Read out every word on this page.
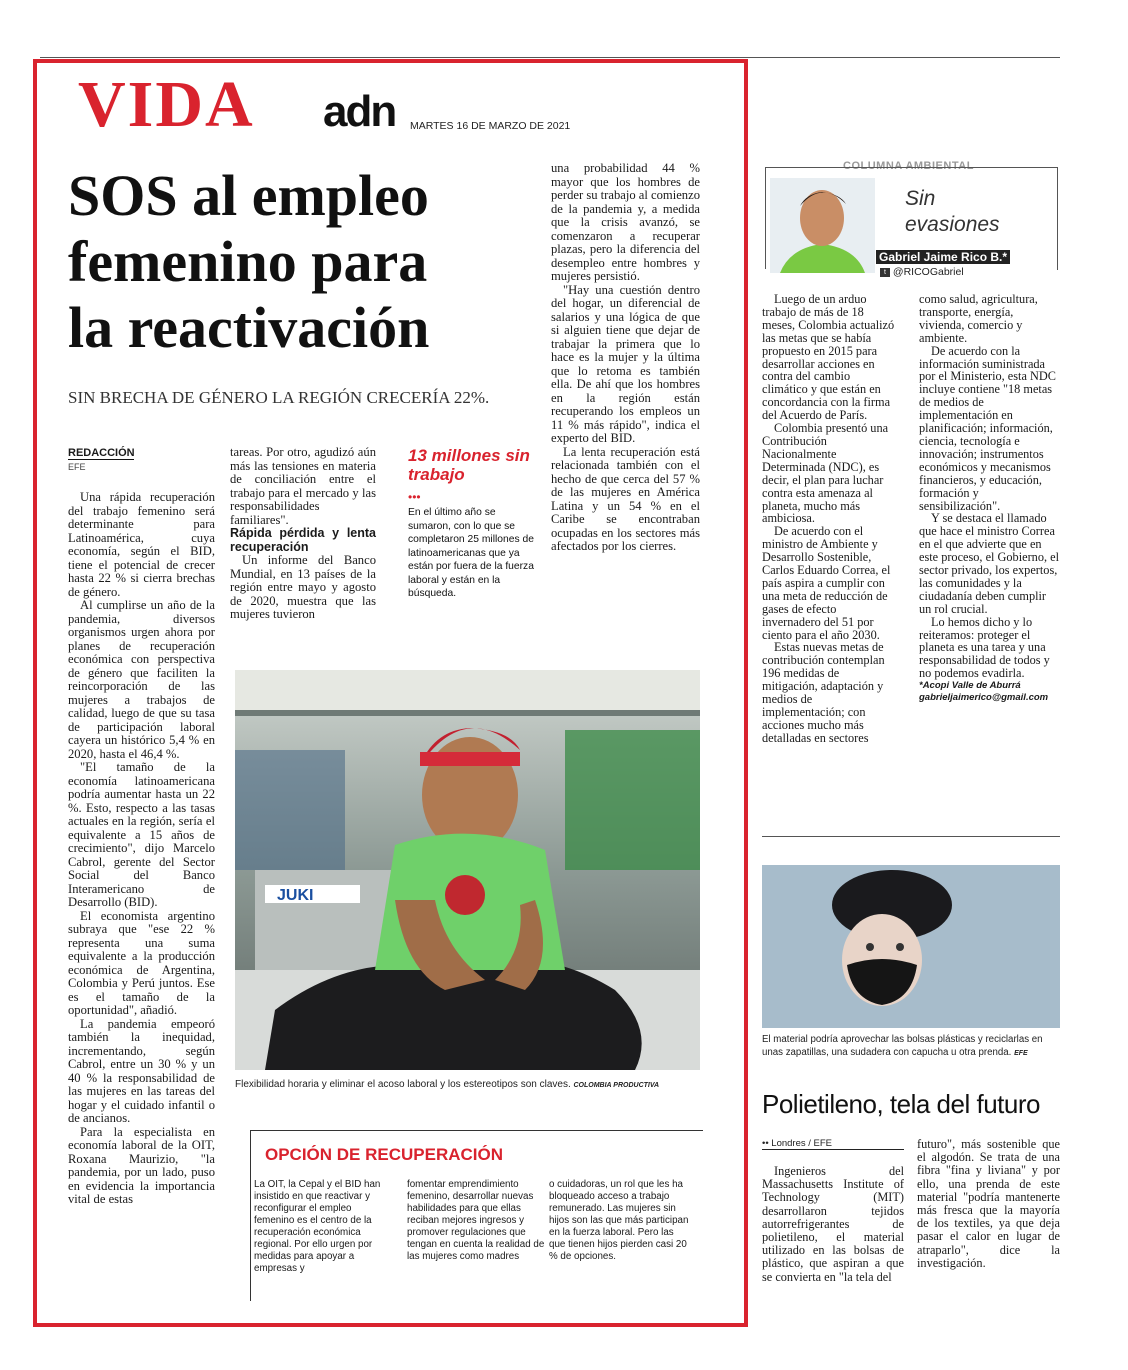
VIDA adn MARTES 16 DE MARZO DE 2021
SOS al empleo
femenino para
la reactivación
SIN BRECHA DE GÉNERO LA REGIÓN CRECERÍA 22%.
REDACCIÓN
EFE

Una rápida recuperación del trabajo femenino será determinante para Latinoamérica, cuya economía, según el BID, tiene el potencial de crecer hasta 22 % si cierra brechas de género.

Al cumplirse un año de la pandemia, diversos organismos urgen ahora por planes de recuperación económica con perspectiva de género que faciliten la reincorporación de las mujeres a trabajos de calidad, luego de que su tasa de participación laboral cayera un histórico 5,4 % en 2020, hasta el 46,4 %.

"El tamaño de la economía latinoamericana podría aumentar hasta un 22 %. Esto, respecto a las tasas actuales en la región, sería el equivalente a 15 años de crecimiento", dijo Marcelo Cabrol, gerente del Sector Social del Banco Interamericano de Desarrollo (BID).

El economista argentino subraya que "ese 22 % representa una suma equivalente a la producción económica de Argentina, Colombia y Perú juntos. Ese es el tamaño de la oportunidad", añadió.

La pandemia empeoró también la inequidad, incrementando, según Cabrol, entre un 30 % y un 40 % la responsabilidad de las mujeres en las tareas del hogar y el cuidado infantil o de ancianos.

Para la especialista en economía laboral de la OIT, Roxana Maurizio, "la pandemia, por un lado, puso en evidencia la importancia vital de estas

tareas. Por otro, agudizó aún más las tensiones en materia de conciliación entre el trabajo para el mercado y las responsabilidades familiares".

Rápida pérdida y lenta recuperación

Un informe del Banco Mundial, en 13 países de la región entre mayo y agosto de 2020, muestra que las mujeres tuvieron

13 millones sin trabajo
•••
En el último año se sumaron, con lo que se completaron 25 millones de latinoamericanas que ya están por fuera de la fuerza laboral y están en la búsqueda.

una probabilidad 44 % mayor que los hombres de perder su trabajo al comienzo de la pandemia y, a medida que la crisis avanzó, se comenzaron a recuperar plazas, pero la diferencia del desempleo entre hombres y mujeres persistió.

"Hay una cuestión dentro del hogar, un diferencial de salarios y una lógica de que si alguien tiene que dejar de trabajar la primera que lo hace es la mujer y la última que lo retoma es también ella. De ahí que los hombres en la región están recuperando los empleos un 11 % más rápido", indica el experto del BID.

La lenta recuperación está relacionada también con el hecho de que cerca del 57 % de las mujeres en América Latina y un 54 % en el Caribe se encontraban ocupadas en los sectores más afectados por los cierres.

JUKI
Flexibilidad horaria y eliminar el acoso laboral y los estereotipos son claves. COLOMBIA PRODUCTIVA
OPCIÓN DE RECUPERACIÓN
La OIT, la Cepal y el BID han insistido en que reactivar y reconfigurar el empleo femenino es el centro de la recuperación económica regional. Por ello urgen por medidas para apoyar a empresas y
fomentar emprendimiento femenino, desarrollar nuevas habilidades para que ellas reciban mejores ingresos y promover regulaciones que tengan en cuenta la realidad de las mujeres como madres
o cuidadoras, un rol que les ha bloqueado acceso a trabajo remunerado. Las mujeres sin hijos son las que más participan en la fuerza laboral. Pero las que tienen hijos pierden casi 20 % de opciones.
COLUMNA AMBIENTAL
Sin
evasiones
Gabriel Jaime Rico B.*
t @RICOGabriel

Luego de un arduo trabajo de más de 18 meses, Colombia actualizó las metas que se había propuesto en 2015 para desarrollar acciones en contra del cambio climático y que están en concordancia con la firma del Acuerdo de París.

Colombia presentó una Contribución Nacionalmente Determinada (NDC), es decir, el plan para luchar contra esta amenaza al planeta, mucho más ambiciosa.

De acuerdo con el ministro de Ambiente y Desarrollo Sostenible, Carlos Eduardo Correa, el país aspira a cumplir con una meta de reducción de gases de efecto invernadero del 51 por ciento para el año 2030.

Estas nuevas metas de contribución contemplan 196 medidas de mitigación, adaptación y medios de implementación; con acciones mucho más detalladas en sectores

como salud, agricultura, transporte, energía, vivienda, comercio y ambiente.

De acuerdo con la información suministrada por el Ministerio, esta NDC incluye contiene "18 metas de medios de implementación en planificación; información, ciencia, tecnología e innovación; instrumentos económicos y mecanismos financieros, y educación, formación y sensibilización".

Y se destaca el llamado que hace el ministro Correa en el que advierte que en este proceso, el Gobierno, el sector privado, los expertos, las comunidades y la ciudadanía deben cumplir un rol crucial.

Lo hemos dicho y lo reiteramos: proteger el planeta es una tarea y una responsabilidad de todos y no podemos evadirla.

*Acopi Valle de Aburrá
gabrieljaimerico@gmail.com
El material podría aprovechar las bolsas plásticas y reciclarlas en unas zapatillas, una sudadera con capucha u otra prenda. EFE
Polietileno, tela del futuro
•• Londres / EFE
Ingenieros del Massachusetts Institute of Technology (MIT) desarrollaron tejidos autorrefrigerantes de polietileno, el material utilizado en las bolsas de plástico, que aspiran a que se convierta en "la tela del
futuro", más sostenible que el algodón. Se trata de una fibra "fina y liviana" y por ello, una prenda de este material "podría mantenerte más fresca que la mayoría de los textiles, ya que deja pasar el calor en lugar de atraparlo", dice la investigación.
